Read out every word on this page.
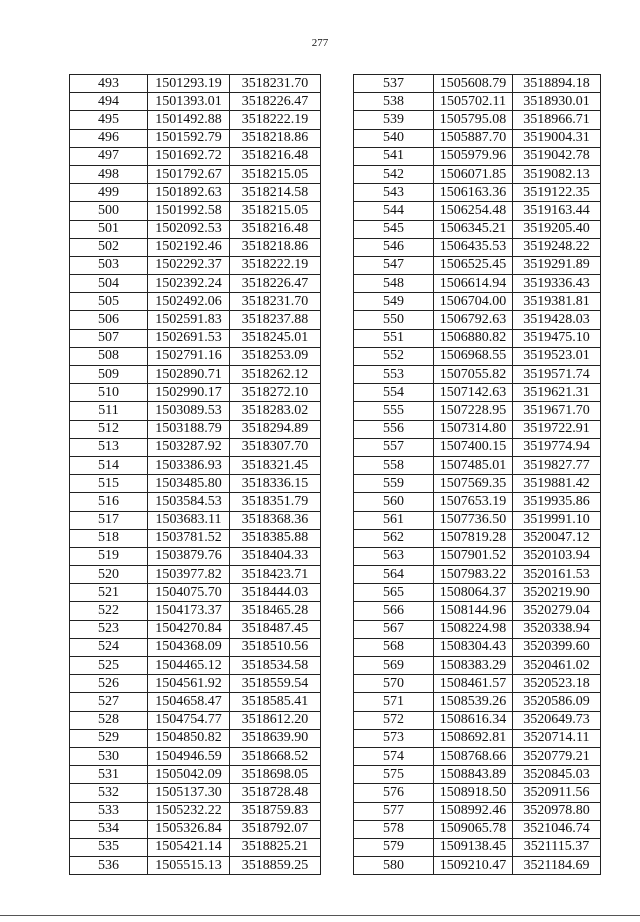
277
493	1501293.19	3518231.70
494	1501393.01	3518226.47
495	1501492.88	3518222.19
496	1501592.79	3518218.86
497	1501692.72	3518216.48
498	1501792.67	3518215.05
499	1501892.63	3518214.58
500	1501992.58	3518215.05
501	1502092.53	3518216.48
502	1502192.46	3518218.86
503	1502292.37	3518222.19
504	1502392.24	3518226.47
505	1502492.06	3518231.70
506	1502591.83	3518237.88
507	1502691.53	3518245.01
508	1502791.16	3518253.09
509	1502890.71	3518262.12
510	1502990.17	3518272.10
511	1503089.53	3518283.02
512	1503188.79	3518294.89
513	1503287.92	3518307.70
514	1503386.93	3518321.45
515	1503485.80	3518336.15
516	1503584.53	3518351.79
517	1503683.11	3518368.36
518	1503781.52	3518385.88
519	1503879.76	3518404.33
520	1503977.82	3518423.71
521	1504075.70	3518444.03
522	1504173.37	3518465.28
523	1504270.84	3518487.45
524	1504368.09	3518510.56
525	1504465.12	3518534.58
526	1504561.92	3518559.54
527	1504658.47	3518585.41
528	1504754.77	3518612.20
529	1504850.82	3518639.90
530	1504946.59	3518668.52
531	1505042.09	3518698.05
532	1505137.30	3518728.48
533	1505232.22	3518759.83
534	1505326.84	3518792.07
535	1505421.14	3518825.21
536	1505515.13	3518859.25
537	1505608.79	3518894.18
538	1505702.11	3518930.01
539	1505795.08	3518966.71
540	1505887.70	3519004.31
541	1505979.96	3519042.78
542	1506071.85	3519082.13
543	1506163.36	3519122.35
544	1506254.48	3519163.44
545	1506345.21	3519205.40
546	1506435.53	3519248.22
547	1506525.45	3519291.89
548	1506614.94	3519336.43
549	1506704.00	3519381.81
550	1506792.63	3519428.03
551	1506880.82	3519475.10
552	1506968.55	3519523.01
553	1507055.82	3519571.74
554	1507142.63	3519621.31
555	1507228.95	3519671.70
556	1507314.80	3519722.91
557	1507400.15	3519774.94
558	1507485.01	3519827.77
559	1507569.35	3519881.42
560	1507653.19	3519935.86
561	1507736.50	3519991.10
562	1507819.28	3520047.12
563	1507901.52	3520103.94
564	1507983.22	3520161.53
565	1508064.37	3520219.90
566	1508144.96	3520279.04
567	1508224.98	3520338.94
568	1508304.43	3520399.60
569	1508383.29	3520461.02
570	1508461.57	3520523.18
571	1508539.26	3520586.09
572	1508616.34	3520649.73
573	1508692.81	3520714.11
574	1508768.66	3520779.21
575	1508843.89	3520845.03
576	1508918.50	3520911.56
577	1508992.46	3520978.80
578	1509065.78	3521046.74
579	1509138.45	3521115.37
580	1509210.47	3521184.69
